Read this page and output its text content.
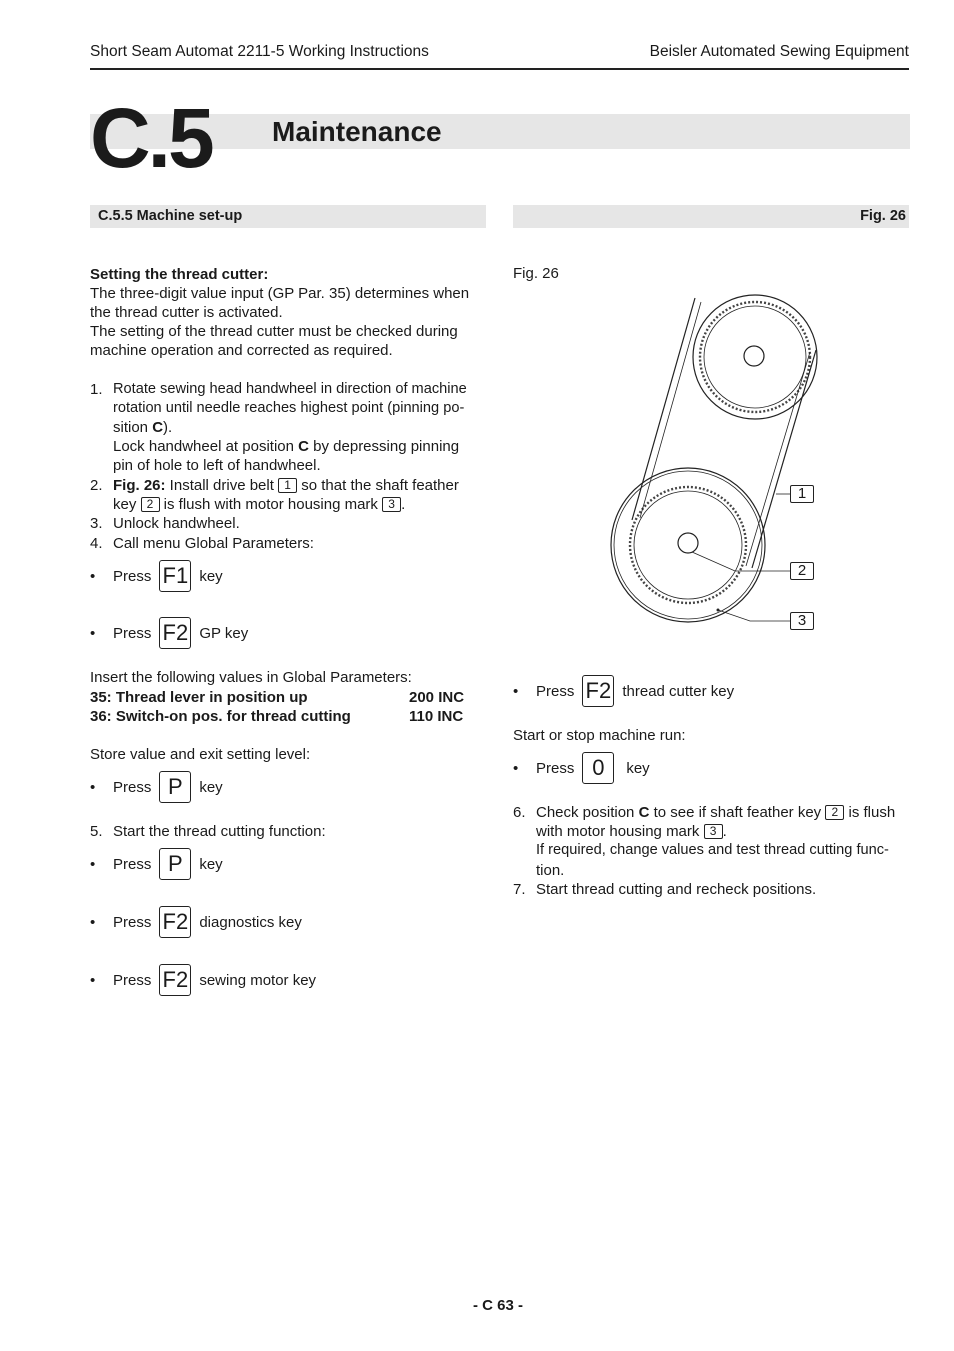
Short Seam Automat 2211-5 Working Instructions	Beisler Automated Sewing Equipment
C.5 Maintenance
C.5.5 Machine set-up	Fig. 26
Setting the thread cutter:
The three-digit value input (GP Par. 35) determines when
the thread cutter is activated.
The setting of the thread cutter must be checked during
machine operation and corrected as required.
1. Rotate sewing head handwheel in direction of machine
rotation until needle reaches highest point (pinning po-
sition C).
Lock handwheel at position C by depressing pinning
pin of hole to left of handwheel.
2. Fig. 26: Install drive belt 1 so that the shaft feather
key 2 is flush with motor housing mark 3 .
3. Unlock handwheel.
4. Call menu Global Parameters:
•	Press F1 key
•	Press F2 GP key
Insert the following values in Global Parameters:
35: Thread lever in position up	200 INC
36: Switch-on pos. for thread cutting	110 INC
Store value and exit setting level:
•	Press P	key
5. Start the thread cutting function:
•	Press P	key
•	Press F2 diagnostics key
•	Press F2 sewing motor key
Fig. 26
1
2
3
•	Press F2 thread cutter key
Start or stop machine run:
•	Press 0	key
6. Check position C to see if shaft feather key 2 is flush
with motor housing mark 3 .
If required, change values and test thread cutting func-
tion.
7. Start thread cutting and recheck positions.
- C 63 -
